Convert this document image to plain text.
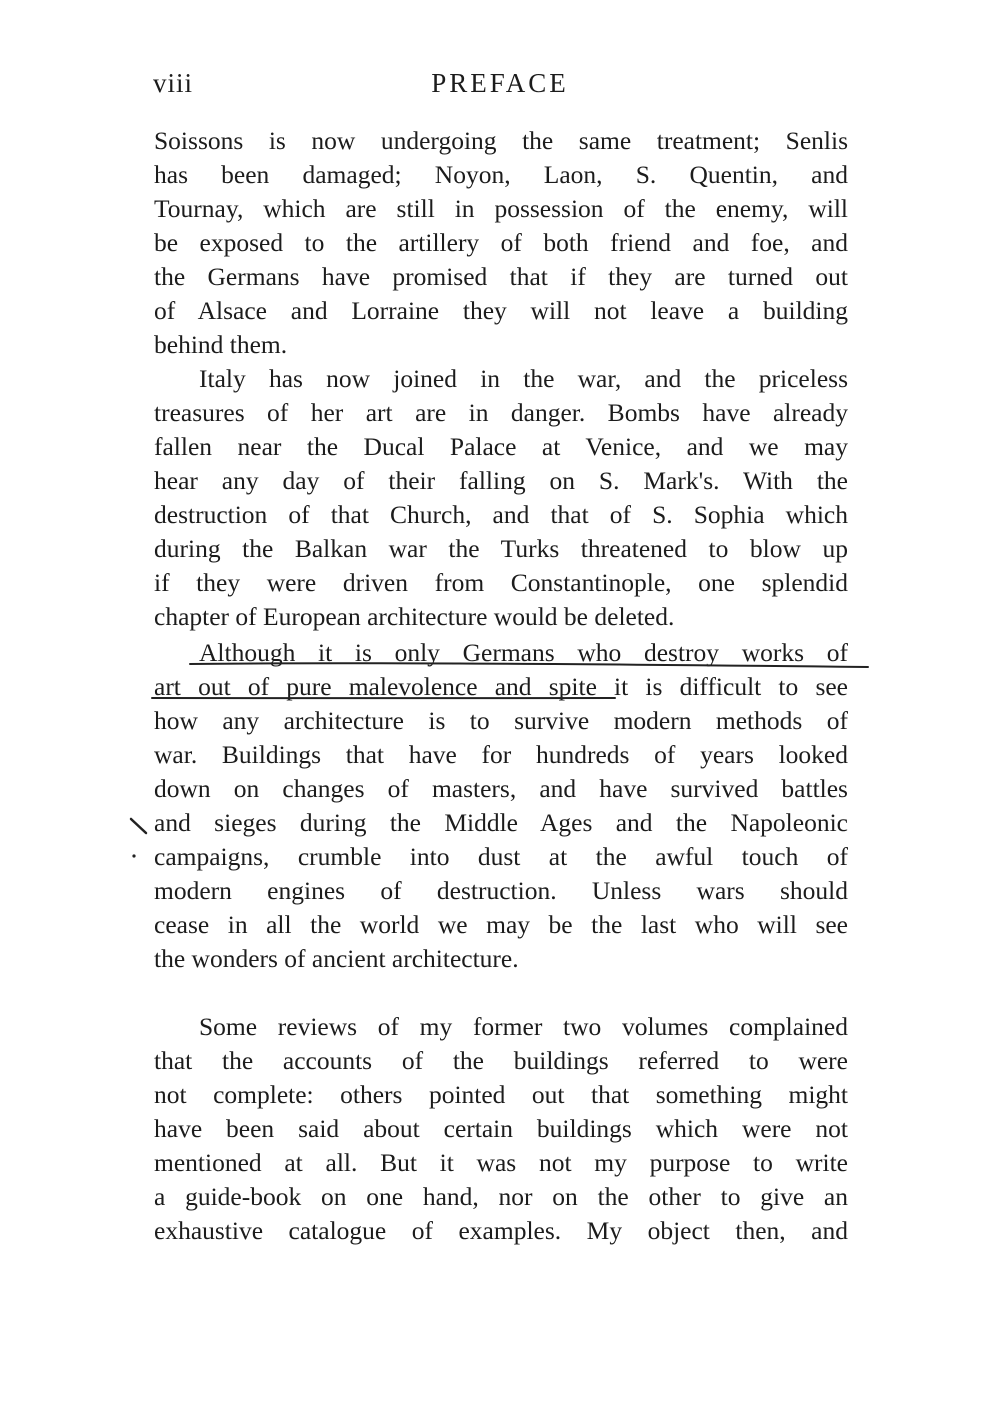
viii	PREFACE
Soissons is now undergoing the same treatment; Senlis
has been damaged; Noyon, Laon, S. Quentin, and
Tournay, which are still in possession of the enemy, will
be exposed to the artillery of both friend and foe, and
the Germans have promised that if they are turned out
of Alsace and Lorraine they will not leave a building
behind them.
Italy has now joined in the war, and the priceless
treasures of her art are in danger. Bombs have already
fallen near the Ducal Palace at Venice, and we may
hear any day of their falling on S. Mark's. With the
destruction of that Church, and that of S. Sophia which
during the Balkan war the Turks threatened to blow up
if they were driven from Constantinople, one splendid
chapter of European architecture would be deleted.
Although it is only Germans who destroy works of
art out of pure malevolence and spite it is difficult to see
how any architecture is to survive modern methods of
war. Buildings that have for hundreds of years looked
down on changes of masters, and have survived battles
and sieges during the Middle Ages and the Napoleonic
campaigns, crumble into dust at the awful touch of
modern engines of destruction. Unless wars should
cease in all the world we may be the last who will see
the wonders of ancient architecture.
Some reviews of my former two volumes complained
that the accounts of the buildings referred to were
not complete: others pointed out that something might
have been said about certain buildings which were not
mentioned at all. But it was not my purpose to write
a guide-book on one hand, nor on the other to give an
exhaustive catalogue of examples. My object then, and
